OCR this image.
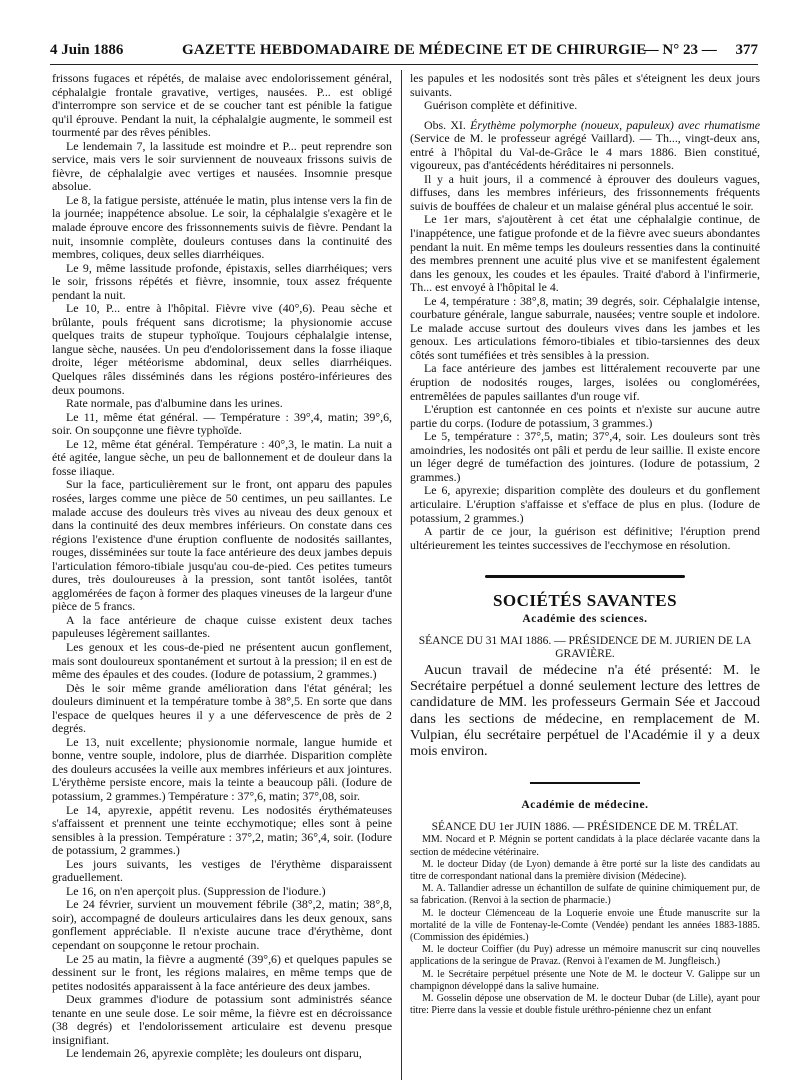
4 Juin 1886	GAZETTE HEBDOMADAIRE DE MÉDECINE ET DE CHIRURGIE
— N° 23 — 377

frissons fugaces et répétés, de malaise avec endolorissement général, céphalalgie frontale gravative, vertiges, nausées. P... est obligé d'interrompre son service et de se coucher tant est pénible la fatigue qu'il éprouve. Pendant la nuit, la céphalalgie augmente, le sommeil est tourmenté par des rêves pénibles.

Le lendemain 7, la lassitude est moindre et P... peut reprendre son service, mais vers le soir surviennent de nouveaux frissons suivis de fièvre, de céphalalgie avec vertiges et nausées. Insomnie presque absolue.

Le 8, la fatigue persiste, atténuée le matin, plus intense vers la fin de la journée; inappétence absolue. Le soir, la céphalalgie s'exagère et le malade éprouve encore des frissonnements suivis de fièvre. Pendant la nuit, insomnie complète, douleurs contuses dans la continuité des membres, coliques, deux selles diarrhéiques.

Le 9, même lassitude profonde, épistaxis, selles diarrhéiques; vers le soir, frissons répétés et fièvre, insomnie, toux assez fréquente pendant la nuit.

Le 10, P... entre à l'hôpital. Fièvre vive (40°,6). Peau sèche et brûlante, pouls fréquent sans dicrotisme; la physionomie accuse quelques traits de stupeur typhoïque. Toujours céphalalgie intense, langue sèche, nausées. Un peu d'endolorissement dans la fosse iliaque droite, léger météorisme abdominal, deux selles diarrhéiques. Quelques râles disséminés dans les régions postéro-inférieures des deux poumons.

Rate normale, pas d'albumine dans les urines.

Le 11, même état général. — Température : 39°,4, matin; 39°,6, soir. On soupçonne une fièvre typhoïde.

Le 12, même état général. Température : 40°,3, le matin. La nuit a été agitée, langue sèche, un peu de ballonnement et de douleur dans la fosse iliaque.

Sur la face, particulièrement sur le front, ont apparu des papules rosées, larges comme une pièce de 50 centimes, un peu saillantes. Le malade accuse des douleurs très vives au niveau des deux genoux et dans la continuité des deux membres inférieurs. On constate dans ces régions l'existence d'une éruption confluente de nodosités saillantes, rouges, disséminées sur toute la face antérieure des deux jambes depuis l'articulation fémoro-tibiale jusqu'au cou-de-pied. Ces petites tumeurs dures, très douloureuses à la pression, sont tantôt isolées, tantôt agglomérées de façon à former des plaques vineuses de la largeur d'une pièce de 5 francs.

A la face antérieure de chaque cuisse existent deux taches papuleuses légèrement saillantes.

Les genoux et les cous-de-pied ne présentent aucun gonflement, mais sont douloureux spontanément et surtout à la pression; il en est de même des épaules et des coudes. (Iodure de potassium, 2 grammes.)

Dès le soir même grande amélioration dans l'état général; les douleurs diminuent et la température tombe à 38°,5. En sorte que dans l'espace de quelques heures il y a une défervescence de près de 2 degrés.

Le 13, nuit excellente; physionomie normale, langue humide et bonne, ventre souple, indolore, plus de diarrhée. Disparition complète des douleurs accusées la veille aux membres inférieurs et aux jointures. L'érythème persiste encore, mais la teinte a beaucoup pâli. (Iodure de potassium, 2 grammes.) Température : 37°,6, matin; 37°,08, soir.

Le 14, apyrexie, appétit revenu. Les nodosités érythémateuses s'affaissent et prennent une teinte ecchymotique; elles sont à peine sensibles à la pression. Température : 37°,2, matin; 36°,4, soir. (Iodure de potassium, 2 grammes.)

Les jours suivants, les vestiges de l'érythème disparaissent graduellement.

Le 16, on n'en aperçoit plus. (Suppression de l'iodure.)

Le 24 février, survient un mouvement fébrile (38°,2, matin; 38°,8, soir), accompagné de douleurs articulaires dans les deux genoux, sans gonflement appréciable. Il n'existe aucune trace d'érythème, dont cependant on soupçonne le retour prochain.

Le 25 au matin, la fièvre a augmenté (39°,6) et quelques papules se dessinent sur le front, les régions malaires, en même temps que de petites nodosités apparaissent à la face antérieure des deux jambes.

Deux grammes d'iodure de potassium sont administrés séance tenante en une seule dose. Le soir même, la fièvre est en décroissance (38 degrés) et l'endolorissement articulaire est devenu presque insignifiant.

Le lendemain 26, apyrexie complète; les douleurs ont disparu,

les papules et les nodosités sont très pâles et s'éteignent les deux jours suivants.

Guérison complète et définitive.

Obs. XI. Érythème polymorphe (noueux, papuleux) avec rhumatisme (Service de M. le professeur agrégé Vaillard). — Th..., vingt-deux ans, entré à l'hôpital du Val-de-Grâce le 4 mars 1886. Bien constitué, vigoureux, pas d'antécédents héréditaires ni personnels.

Il y a huit jours, il a commencé à éprouver des douleurs vagues, diffuses, dans les membres inférieurs, des frissonnements fréquents suivis de bouffées de chaleur et un malaise général plus accentué le soir.

Le 1er mars, s'ajoutèrent à cet état une céphalalgie continue, de l'inappétence, une fatigue profonde et de la fièvre avec sueurs abondantes pendant la nuit. En même temps les douleurs ressenties dans la continuité des membres prennent une acuité plus vive et se manifestent également dans les genoux, les coudes et les épaules. Traité d'abord à l'infirmerie, Th... est envoyé à l'hôpital le 4.

Le 4, température : 38°,8, matin; 39 degrés, soir. Céphalalgie intense, courbature générale, langue saburrale, nausées; ventre souple et indolore. Le malade accuse surtout des douleurs vives dans les jambes et les genoux. Les articulations fémoro-tibiales et tibio-tarsiennes des deux côtés sont tuméfiées et très sensibles à la pression.

La face antérieure des jambes est littéralement recouverte par une éruption de nodosités rouges, larges, isolées ou conglomérées, entremêlées de papules saillantes d'un rouge vif.

L'éruption est cantonnée en ces points et n'existe sur aucune autre partie du corps. (Iodure de potassium, 3 grammes.)

Le 5, température : 37°,5, matin; 37°,4, soir. Les douleurs sont très amoindries, les nodosités ont pâli et perdu de leur saillie. Il existe encore un léger degré de tuméfaction des jointures. (Iodure de potassium, 2 grammes.)

Le 6, apyrexie; disparition complète des douleurs et du gonflement articulaire. L'éruption s'affaisse et s'efface de plus en plus. (Iodure de potassium, 2 grammes.)

A partir de ce jour, la guérison est définitive; l'éruption prend ultérieurement les teintes successives de l'ecchymose en résolution.

SOCIÉTÉS SAVANTES
Académie des sciences.

SÉANCE DU 31 MAI 1886. — PRÉSIDENCE DE M. JURIEN DE LA GRAVIÈRE.

Aucun travail de médecine n'a été présenté: M. le Secrétaire perpétuel a donné seulement lecture des lettres de candidature de MM. les professeurs Germain Sée et Jaccoud dans les sections de médecine, en remplacement de M. Vulpian, élu secrétaire perpétuel de l'Académie il y a deux mois environ.

Académie de médecine.

SÉANCE DU 1er JUIN 1886. — PRÉSIDENCE DE M. TRÉLAT.

MM. Nocard et P. Mégnin se portent candidats à la place déclarée vacante dans la section de médecine vétérinaire.

M. le docteur Diday (de Lyon) demande à être porté sur la liste des candidats au titre de correspondant national dans la première division (Médecine).

M. A. Tallandier adresse un échantillon de sulfate de quinine chimiquement pur, de sa fabrication. (Renvoi à la section de pharmacie.)

M. le docteur Clémenceau de la Loquerie envoie une Étude manuscrite sur la mortalité de la ville de Fontenay-le-Comte (Vendée) pendant les années 1883-1885. (Commission des épidémies.)

M. le docteur Coiffier (du Puy) adresse un mémoire manuscrit sur cinq nouvelles applications de la seringue de Pravaz. (Renvoi à l'examen de M. Jungfleisch.)

M. le Secrétaire perpétuel présente une Note de M. le docteur V. Galippe sur un champignon développé dans la salive humaine.

M. Gosselin dépose une observation de M. le docteur Dubar (de Lille), ayant pour titre: Pierre dans la vessie et double fistule uréthro-pénienne chez un enfant
